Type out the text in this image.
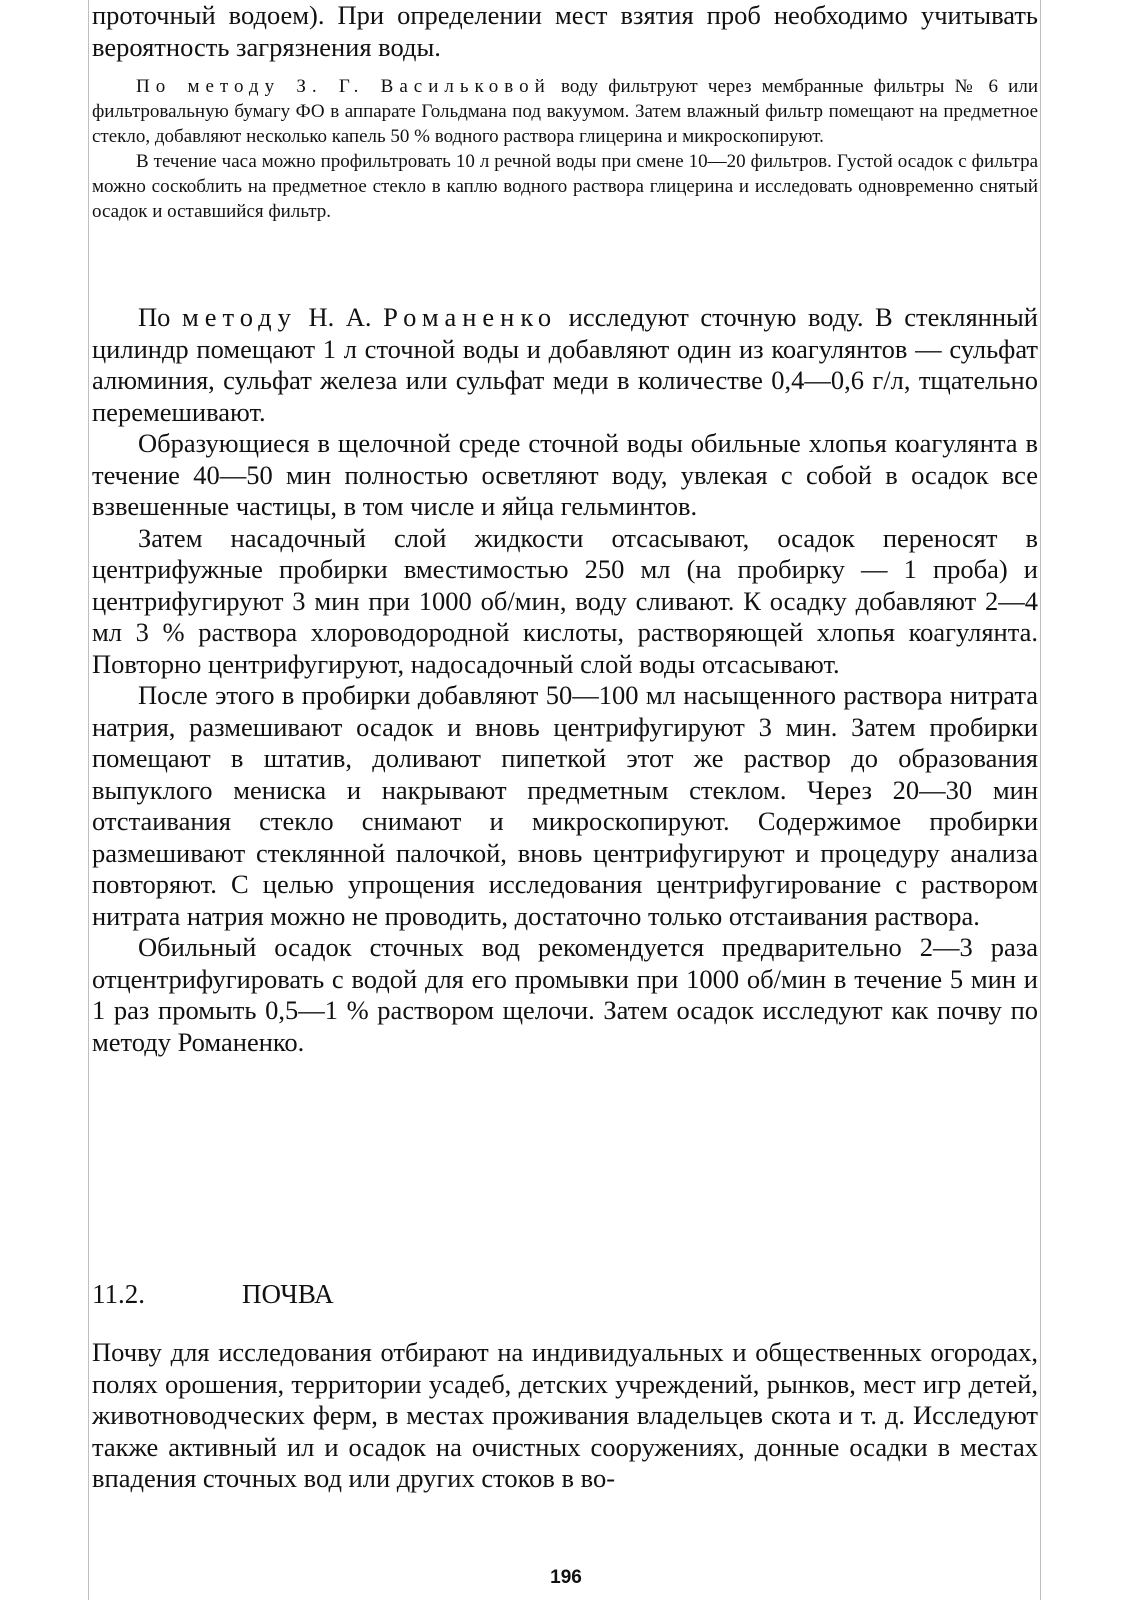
проточный водоем). При определении мест взятия проб необходимо учитывать вероятность загрязнения воды.

По методу З. Г. Васильковой воду фильтруют через мембранные фильтры № 6 или фильтровальную бумагу ФО в аппарате Гольдмана под вакуумом. Затем влажный фильтр помещают на предметное стекло, добавляют несколько капель 50 % водного раствора глицерина и микроскопируют.

В течение часа можно профильтровать 10 л речной воды при смене 10—20 фильтров. Густой осадок с фильтра можно соскоблить на предметное стекло в каплю водного раствора глицерина и исследовать одновременно снятый осадок и оставшийся фильтр.

По методу Н. А. Романенко исследуют сточную воду. В стеклянный цилиндр помещают 1 л сточной воды и добавляют один из коагулянтов — сульфат алюминия, сульфат железа или сульфат меди в количестве 0,4—0,6 г/л, тщательно перемешивают.

Образующиеся в щелочной среде сточной воды обильные хлопья коагулянта в течение 40—50 мин полностью осветляют воду, увлекая с собой в осадок все взвешенные частицы, в том числе и яйца гельминтов.

Затем насадочный слой жидкости отсасывают, осадок переносят в центрифужные пробирки вместимостью 250 мл (на пробирку — 1 проба) и центрифугируют 3 мин при 1000 об/мин, воду сливают. К осадку добавляют 2—4 мл 3 % раствора хлороводородной кислоты, растворяющей хлопья коагулянта. Повторно центрифугируют, надосадочный слой воды отсасывают.

После этого в пробирки добавляют 50—100 мл насыщенного раствора нитрата натрия, размешивают осадок и вновь центрифугируют 3 мин. Затем пробирки помещают в штатив, доливают пипеткой этот же раствор до образования выпуклого мениска и накрывают предметным стеклом. Через 20—30 мин отстаивания стекло снимают и микроскопируют. Содержимое пробирки размешивают стеклянной палочкой, вновь центрифугируют и процедуру анализа повторяют. С целью упрощения исследования центрифугирование с раствором нитрата натрия можно не проводить, достаточно только отстаивания раствора.

Обильный осадок сточных вод рекомендуется предварительно 2—3 раза отцентрифугировать с водой для его промывки при 1000 об/мин в течение 5 мин и 1 раз промыть 0,5—1 % раствором щелочи. Затем осадок исследуют как почву по методу Романенко.

11.2.	ПОЧВА

Почву для исследования отбирают на индивидуальных и общественных огородах, полях орошения, территории усадеб, детских учреждений, рынков, мест игр детей, животноводческих ферм, в местах проживания владельцев скота и т. д. Исследуют также активный ил и осадок на очистных сооружениях, донные осадки в местах впадения сточных вод или других стоков в во-

196
